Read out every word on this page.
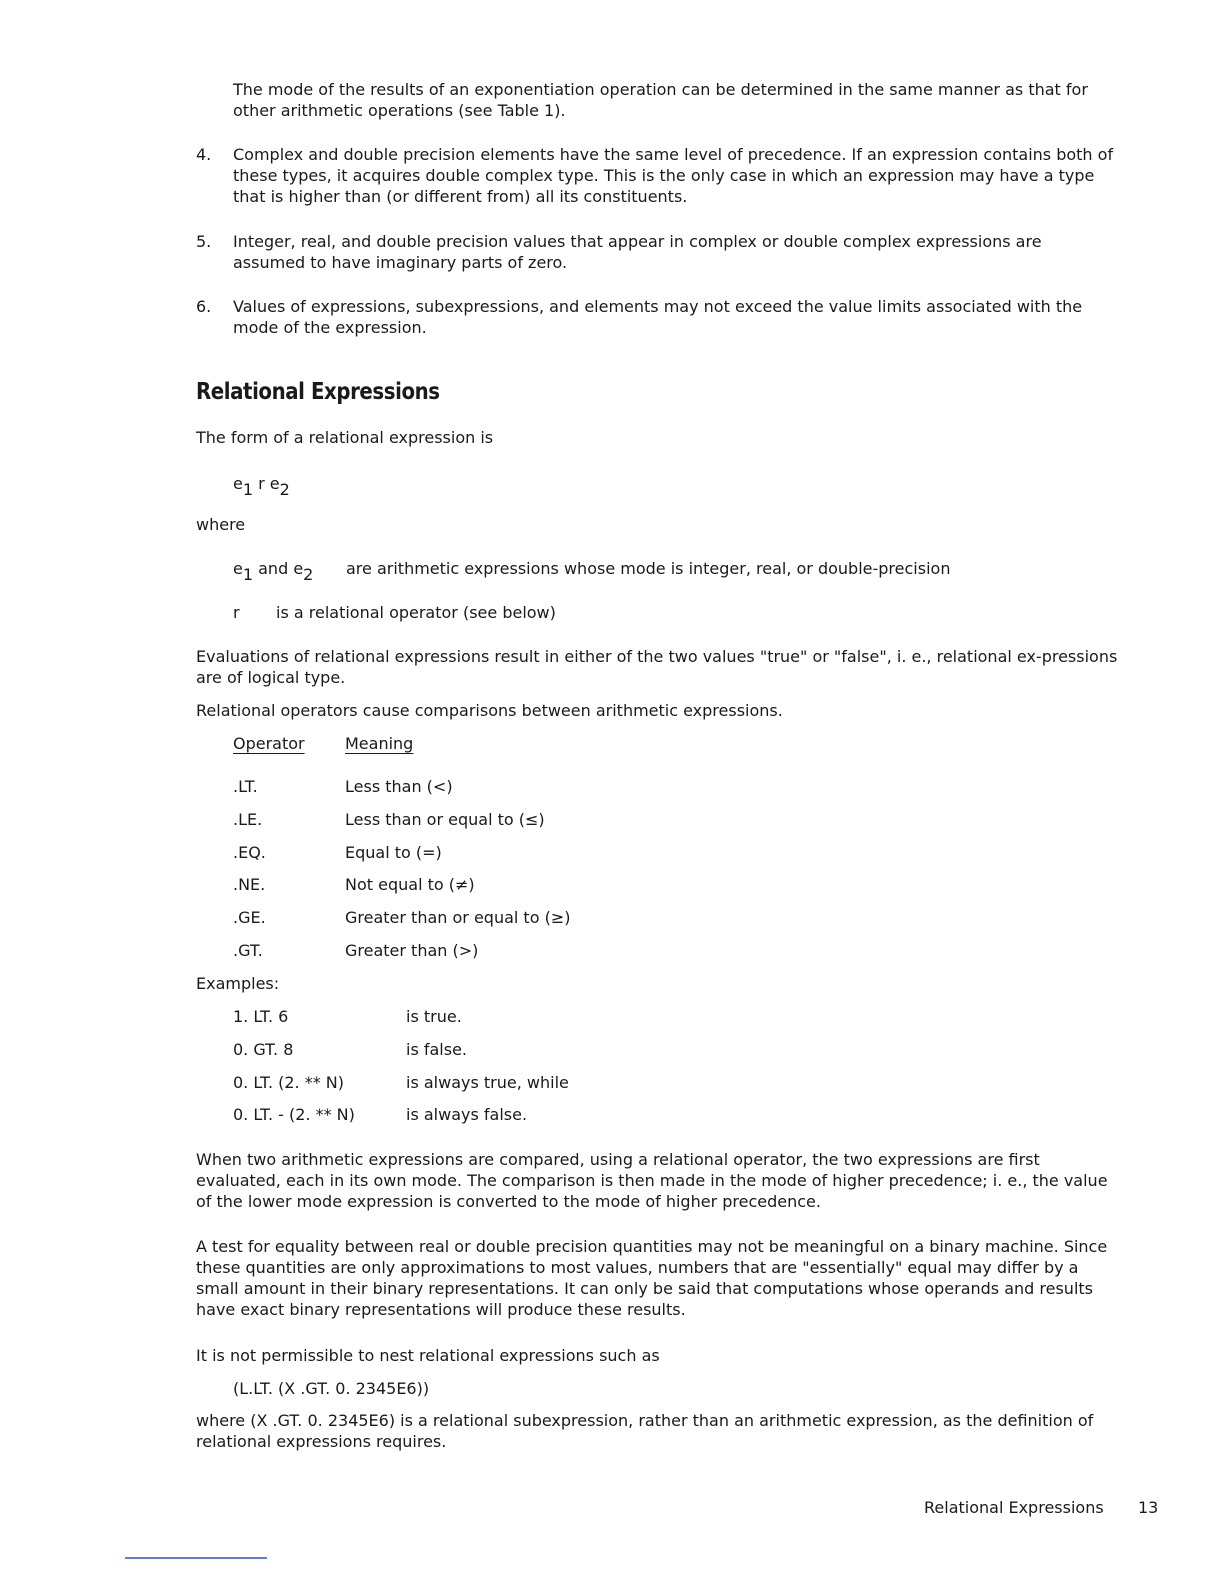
The mode of the results of an exponentiation operation can be determined in the same manner as that for other arithmetic operations (see Table 1).
4. Complex and double precision elements have the same level of precedence. If an expression contains both of these types, it acquires double complex type. This is the only case in which an expression may have a type that is higher than (or different from) all its constituents.
5. Integer, real, and double precision values that appear in complex or double complex expressions are assumed to have imaginary parts of zero.
6. Values of expressions, subexpressions, and elements may not exceed the value limits associated with the mode of the expression.
Relational Expressions
The form of a relational expression is
$e_1$ r $e_2$
where
$e_1$ and $e_2$ are arithmetic expressions whose mode is integer, real, or double-precision
r is a relational operator (see below)
Evaluations of relational expressions result in either of the two values "true" or "false", i. e., relational ex-pressions are of logical type.
Relational operators cause comparisons between arithmetic expressions.
Operator	Meaning
.LT.	Less than (<)
.LE.	Less than or equal to (≤)
.EQ.	Equal to (=)
.NE.	Not equal to (≠)
.GE.	Greater than or equal to (≥)
.GT.	Greater than (>)
Examples:
1. LT. 6	is true.
0. GT. 8	is false.
0. LT. (2. ** N)	is always true, while
0. LT. - (2. ** N)	is always false.
When two arithmetic expressions are compared, using a relational operator, the two expressions are first evaluated, each in its own mode. The comparison is then made in the mode of higher precedence; i. e., the value of the lower mode expression is converted to the mode of higher precedence.
A test for equality between real or double precision quantities may not be meaningful on a binary machine. Since these quantities are only approximations to most values, numbers that are "essentially" equal may differ by a small amount in their binary representations. It can only be said that computations whose operands and results have exact binary representations will produce these results.
It is not permissible to nest relational expressions such as
(L.LT. (X .GT. 0. 2345E6))
where (X .GT. 0. 2345E6) is a relational subexpression, rather than an arithmetic expression, as the definition of relational expressions requires.
Relational Expressions 13
